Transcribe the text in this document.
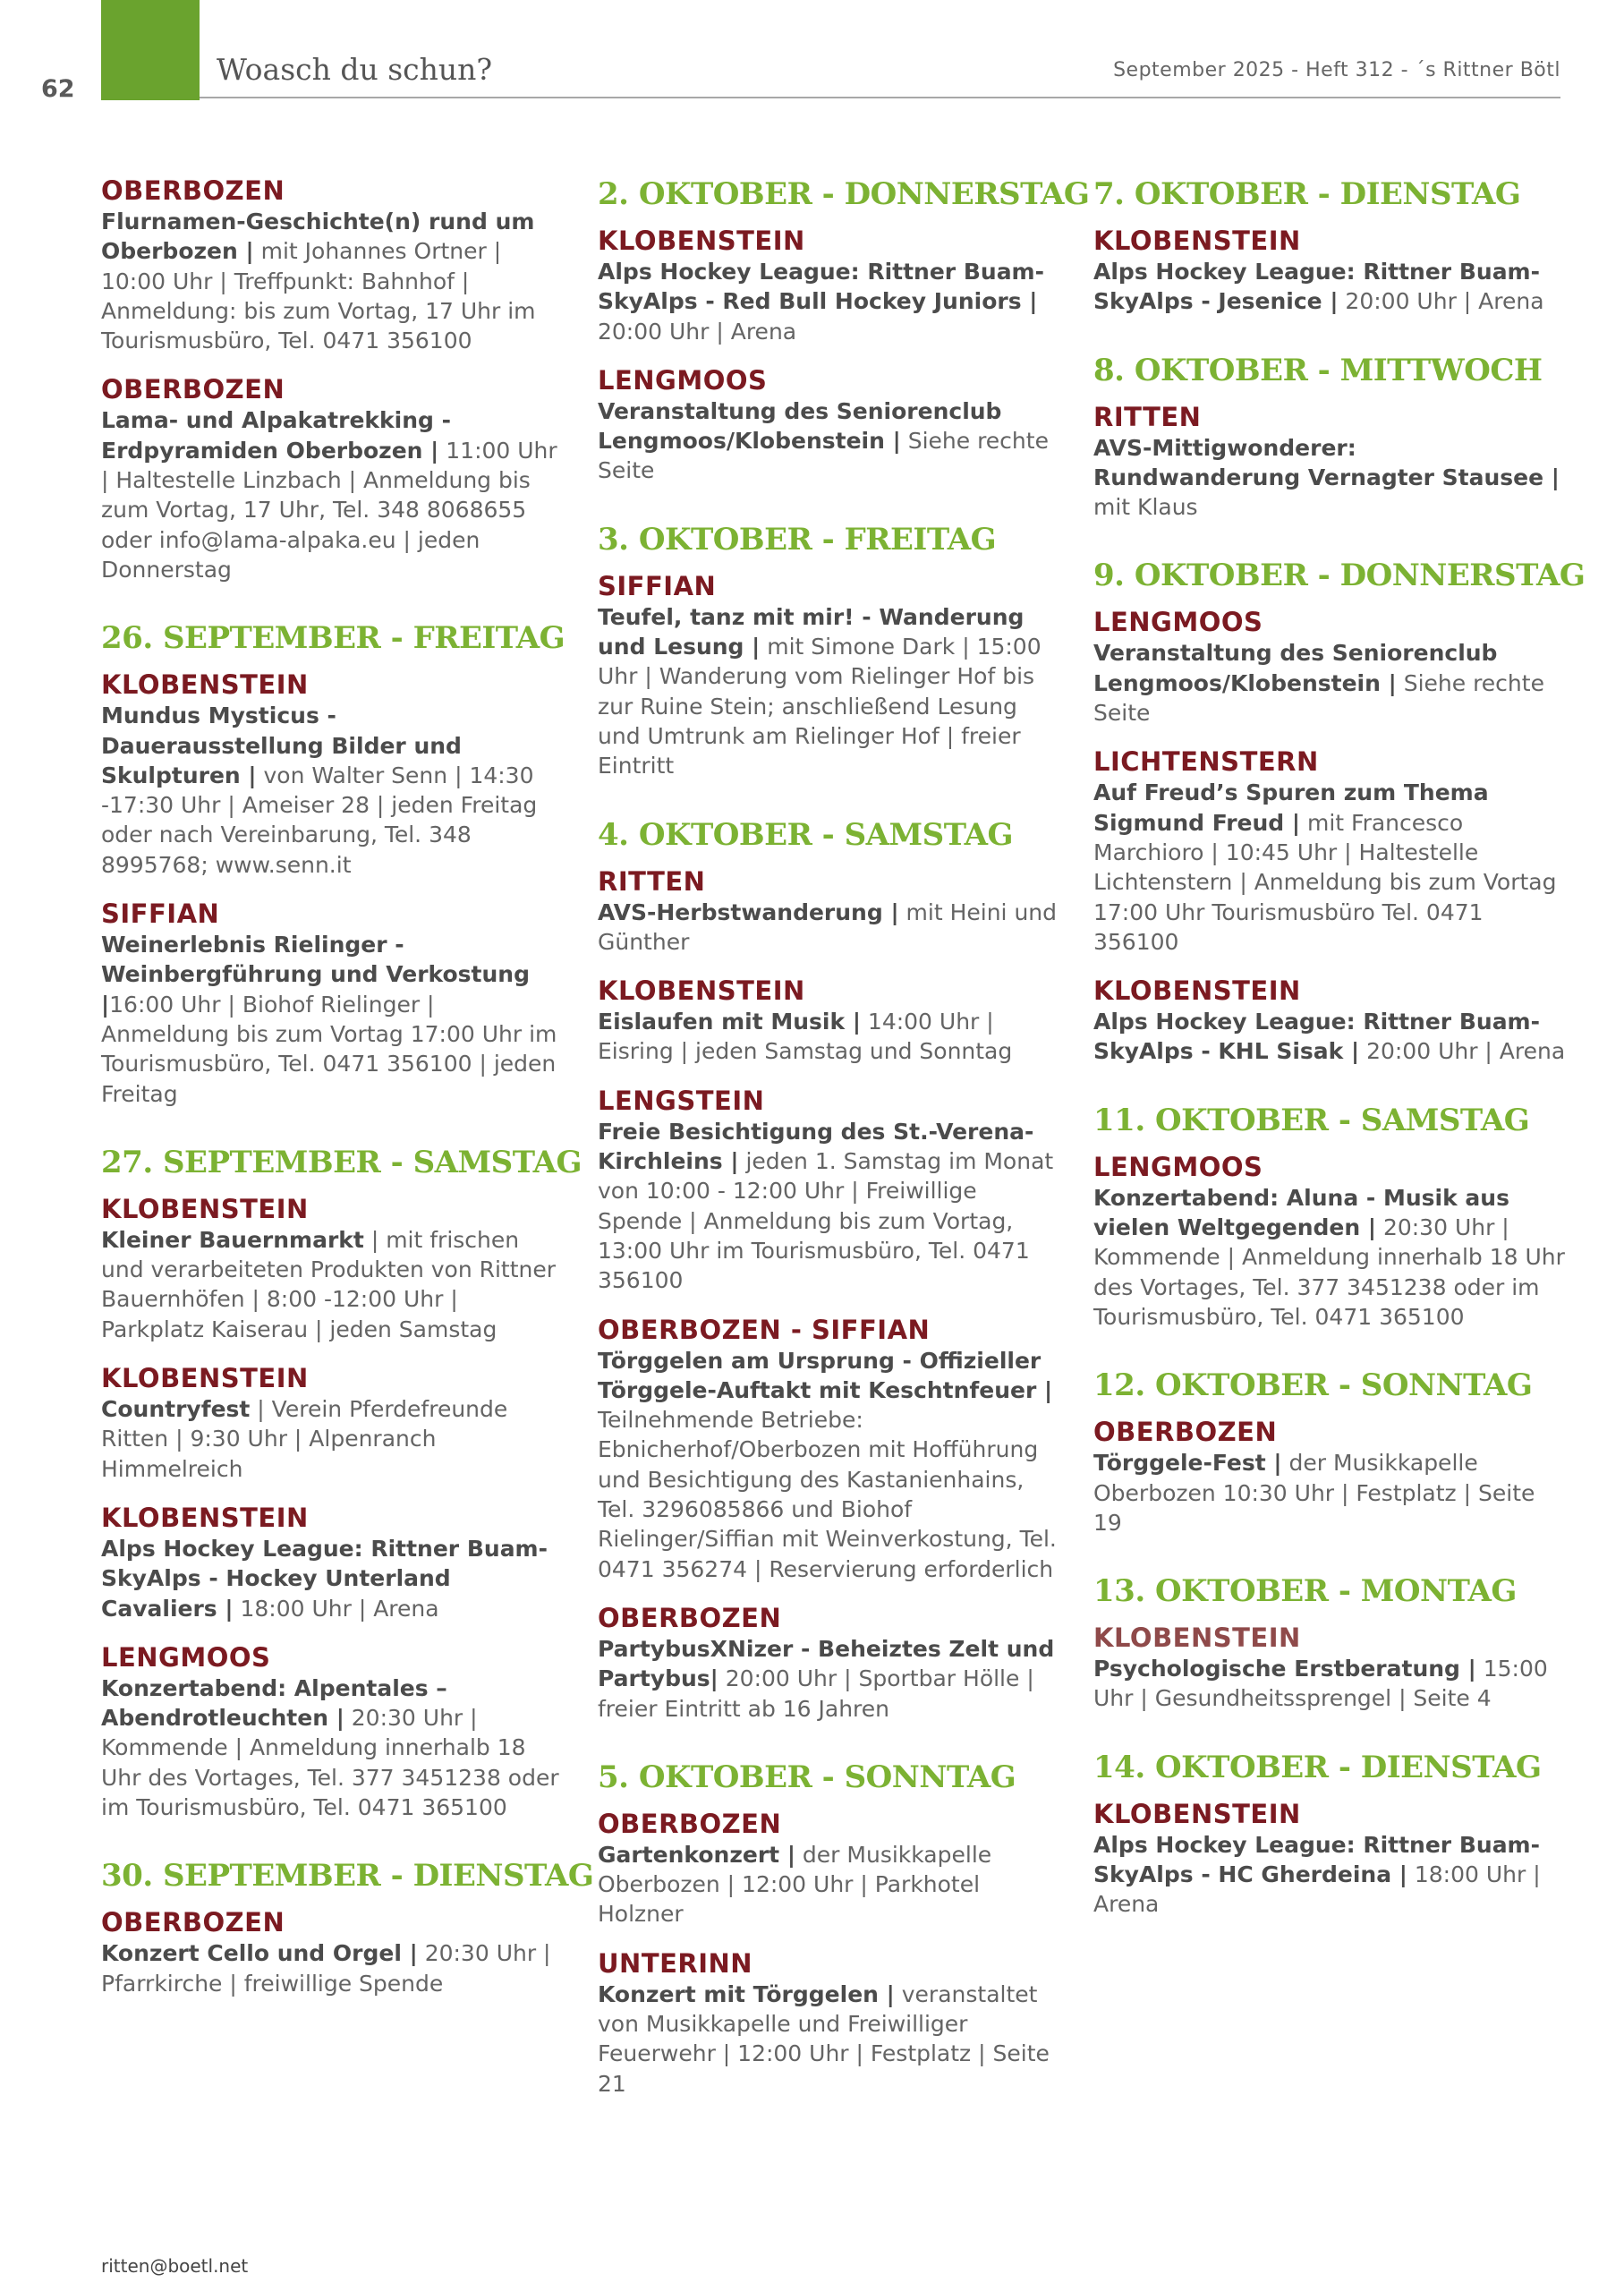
62
Woasch du schun?	September 2025 - Heft 312 - ´s Rittner Bötl
OBERBOZEN
Flurnamen-Geschichte(n) rund um Oberbozen | mit Johannes Ortner | 10:00 Uhr | Treffpunkt: Bahnhof | Anmeldung: bis zum Vortag, 17 Uhr im Tourismusbüro, Tel. 0471 356100
OBERBOZEN
Lama- und Alpakatrekking - Erdpyramiden Oberbozen | 11:00 Uhr | Haltestelle Linzbach | Anmeldung bis zum Vortag, 17 Uhr, Tel. 348 8068655 oder info@lama-alpaka.eu | jeden Donnerstag
26. SEPTEMBER - FREITAG
KLOBENSTEIN
Mundus Mysticus - Dauerausstellung Bilder und Skulpturen | von Walter Senn | 14:30 -17:30 Uhr | Ameiser 28 | jeden Freitag oder nach Vereinbarung, Tel. 348 8995768; www.senn.it
SIFFIAN
Weinerlebnis Rielinger - Weinbergführung und Verkostung |16:00 Uhr | Biohof Rielinger | Anmeldung bis zum Vortag 17:00 Uhr im Tourismusbüro, Tel. 0471 356100 | jeden Freitag
27. SEPTEMBER - SAMSTAG
KLOBENSTEIN
Kleiner Bauernmarkt | mit frischen und verarbeiteten Produkten von Rittner Bauernhöfen | 8:00 -12:00 Uhr | Parkplatz Kaiserau | jeden Samstag
KLOBENSTEIN
Countryfest | Verein Pferdefreunde Ritten | 9:30 Uhr | Alpenranch Himmelreich
KLOBENSTEIN
Alps Hockey League: Rittner Buam-SkyAlps - Hockey Unterland Cavaliers | 18:00 Uhr | Arena
LENGMOOS
Konzertabend: Alpentales –Abendrotleuchten | 20:30 Uhr | Kommende | Anmeldung innerhalb 18 Uhr des Vortages, Tel. 377 3451238 oder im Tourismusbüro, Tel. 0471 365100
30. SEPTEMBER - DIENSTAG
OBERBOZEN
Konzert Cello und Orgel | 20:30 Uhr | Pfarrkirche | freiwillige Spende
2. OKTOBER - DONNERSTAG
KLOBENSTEIN
Alps Hockey League: Rittner Buam-SkyAlps - Red Bull Hockey Juniors | 20:00 Uhr | Arena
LENGMOOS
Veranstaltung des Seniorenclub Lengmoos/Klobenstein | Siehe rechte Seite
3. OKTOBER - FREITAG
SIFFIAN
Teufel, tanz mit mir! - Wanderung und Lesung | mit Simone Dark | 15:00 Uhr | Wanderung vom Rielinger Hof bis zur Ruine Stein; anschließend Lesung und Umtrunk am Rielinger Hof | freier Eintritt
4. OKTOBER - SAMSTAG
RITTEN
AVS-Herbstwanderung | mit Heini und Günther
KLOBENSTEIN
Eislaufen mit Musik | 14:00 Uhr | Eisring | jeden Samstag und Sonntag
LENGSTEIN
Freie Besichtigung des St.-Verena-Kirchleins | jeden 1. Samstag im Monat von 10:00 - 12:00 Uhr | Freiwillige Spende | Anmeldung bis zum Vortag, 13:00 Uhr im Tourismusbüro, Tel. 0471 356100
OBERBOZEN - SIFFIAN
Törggelen am Ursprung - Offizieller Törggele-Auftakt mit Keschtnfeuer | Teilnehmende Betriebe: Ebnicherhof/Oberbozen mit Hofführung und Besichtigung des Kastanienhains, Tel. 3296085866 und Biohof Rielinger/Siffian mit Weinverkostung, Tel. 0471 356274 | Reservierung erforderlich
OBERBOZEN
PartybusXNizer - Beheiztes Zelt und Partybus| 20:00 Uhr | Sportbar Hölle | freier Eintritt ab 16 Jahren
5. OKTOBER - SONNTAG
OBERBOZEN
Gartenkonzert | der Musikkapelle Oberbozen | 12:00 Uhr | Parkhotel Holzner
UNTERINN
Konzert mit Törggelen | veranstaltet von Musikkapelle und Freiwilliger Feuerwehr | 12:00 Uhr | Festplatz | Seite 21
7. OKTOBER - DIENSTAG
KLOBENSTEIN
Alps Hockey League: Rittner Buam-SkyAlps - Jesenice | 20:00 Uhr | Arena
8. OKTOBER - MITTWOCH
RITTEN
AVS-Mittigwonderer: Rundwanderung Vernagter Stausee | mit Klaus
9. OKTOBER - DONNERSTAG
LENGMOOS
Veranstaltung des Seniorenclub Lengmoos/Klobenstein | Siehe rechte Seite
LICHTENSTERN
Auf Freud’s Spuren zum Thema Sigmund Freud | mit Francesco Marchioro | 10:45 Uhr | Haltestelle Lichtenstern | Anmeldung bis zum Vortag 17:00 Uhr Tourismusbüro Tel. 0471 356100
KLOBENSTEIN
Alps Hockey League: Rittner Buam-SkyAlps - KHL Sisak | 20:00 Uhr | Arena
11. OKTOBER - SAMSTAG
LENGMOOS
Konzertabend: Aluna - Musik aus vielen Weltgegenden | 20:30 Uhr | Kommende | Anmeldung innerhalb 18 Uhr des Vortages, Tel. 377 3451238 oder im Tourismusbüro, Tel. 0471 365100
12. OKTOBER - SONNTAG
OBERBOZEN
Törggele-Fest | der Musikkapelle Oberbozen 10:30 Uhr | Festplatz | Seite 19
13. OKTOBER - MONTAG
KLOBENSTEIN
Psychologische Erstberatung | 15:00 Uhr | Gesundheitssprengel | Seite 4
14. OKTOBER - DIENSTAG
KLOBENSTEIN
Alps Hockey League: Rittner Buam-SkyAlps - HC Gherdeina | 18:00 Uhr | Arena
ritten@boetl.net
